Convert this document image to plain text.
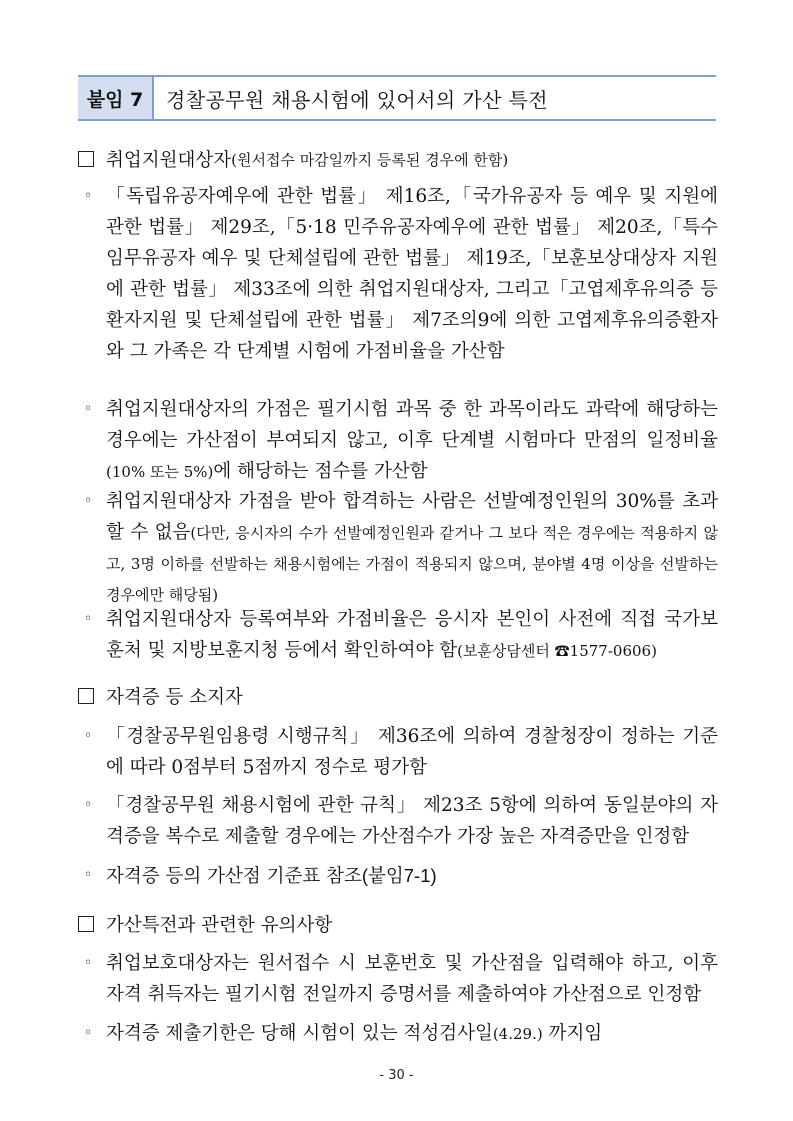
붙임 7	경찰공무원 채용시험에 있어서의 가산 특전
취업지원대상자 (원서접수 마감일까지 등록된 경우에 한함)
◦ 「독립유공자예우에 관한 법률」 제16조,「국가유공자 등 예우 및 지원에 관한 법률」 제29조,「5·18 민주유공자예우에 관한 법률」 제20조,「특수임무유공자 예우 및 단체설립에 관한 법률」 제19조,「보훈보상대상자 지원에 관한 법률」 제33조에 의한 취업지원대상자, 그리고「고엽제후유의증 등 환자지원 및 단체설립에 관한 법률」 제7조의9에 의한 고엽제후유의증환자와 그 가족은 각 단계별 시험에 가점비율을 가산함
◦ 취업지원대상자의 가점은 필기시험 과목 중 한 과목이라도 과락에 해당하는 경우에는 가산점이 부여되지 않고, 이후 단계별 시험마다 만점의 일정비율(10% 또는 5%)에 해당하는 점수를 가산함
◦ 취업지원대상자 가점을 받아 합격하는 사람은 선발예정인원의 30%를 초과할 수 없음(다만, 응시자의 수가 선발예정인원과 같거나 그 보다 적은 경우에는 적용하지 않고, 3명 이하를 선발하는 채용시험에는 가점이 적용되지 않으며, 분야별 4명 이상을 선발하는 경우에만 해당됨)
◦ 취업지원대상자 등록여부와 가점비율은 응시자 본인이 사전에 직접 국가보훈처 및 지방보훈지청 등에서 확인하여야 함(보훈상담센터 ☎1577-0606)
자격증 등 소지자
◦ 「경찰공무원임용령 시행규칙」 제36조에 의하여 경찰청장이 정하는 기준에 따라 0점부터 5점까지 정수로 평가함
◦ 「경찰공무원 채용시험에 관한 규칙」 제23조 5항에 의하여 동일분야의 자격증을 복수로 제출할 경우에는 가산점수가 가장 높은 자격증만을 인정함
◦ 자격증 등의 가산점 기준표 참조(붙임7-1)
가산특전과 관련한 유의사항
◦ 취업보호대상자는 원서접수 시 보훈번호 및 가산점을 입력해야 하고, 이후 자격 취득자는 필기시험 전일까지 증명서를 제출하여야 가산점으로 인정함
◦ 자격증 제출기한은 당해 시험이 있는 적성검사일(4.29.) 까지임
- 30 -
